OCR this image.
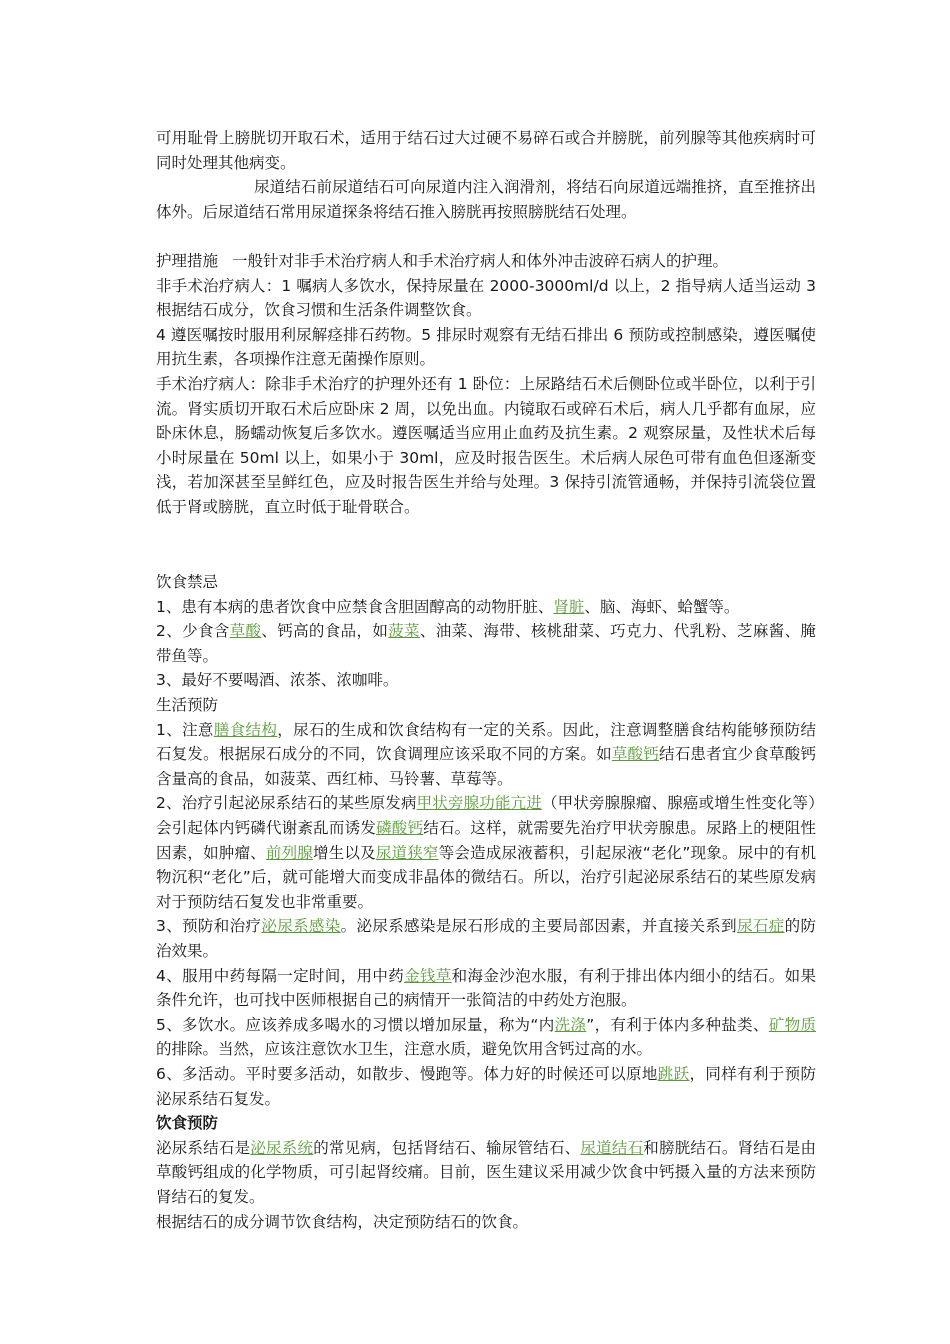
可用耻骨上膀胱切开取石术，适用于结石过大过硬不易碎石或合并膀胱，前列腺等其他疾病时可同时处理其他病变。

尿道结石前尿道结石可向尿道内注入润滑剂，将结石向尿道远端推挤，直至推挤出体外。后尿道结石常用尿道探条将结石推入膀胱再按照膀胱结石处理。

护理措施 一般针对非手术治疗病人和手术治疗病人和体外冲击波碎石病人的护理。

非手术治疗病人：1 嘱病人多饮水，保持尿量在 2000-3000ml/d 以上，2 指导病人适当运动 3 根据结石成分，饮食习惯和生活条件调整饮食。

4 遵医嘱按时服用利尿解痉排石药物。5 排尿时观察有无结石排出 6 预防或控制感染，遵医嘱使用抗生素，各项操作注意无菌操作原则。

手术治疗病人：除非手术治疗的护理外还有 1 卧位：上尿路结石术后侧卧位或半卧位，以利于引流。肾实质切开取石术后应卧床 2 周，以免出血。内镜取石或碎石术后，病人几乎都有血尿，应卧床休息，肠蠕动恢复后多饮水。遵医嘱适当应用止血药及抗生素。2 观察尿量，及性状术后每小时尿量在 50ml 以上，如果小于 30ml，应及时报告医生。术后病人尿色可带有血色但逐渐变浅，若加深甚至呈鲜红色，应及时报告医生并给与处理。3 保持引流管通畅，并保持引流袋位置低于肾或膀胱，直立时低于耻骨联合。

饮食禁忌

1、患有本病的患者饮食中应禁食含胆固醇高的动物肝脏、肾脏、脑、海虾、蛤蟹等。

2、少食含草酸、钙高的食品，如菠菜、油菜、海带、核桃甜菜、巧克力、代乳粉、芝麻酱、腌带鱼等。

3、最好不要喝酒、浓茶、浓咖啡。

生活预防

1、注意膳食结构，尿石的生成和饮食结构有一定的关系。因此，注意调整膳食结构能够预防结石复发。根据尿石成分的不同，饮食调理应该采取不同的方案。如草酸钙结石患者宜少食草酸钙含量高的食品，如菠菜、西红柿、马铃薯、草莓等。

2、治疗引起泌尿系结石的某些原发病甲状旁腺功能亢进（甲状旁腺腺瘤、腺癌或增生性变化等）会引起体内钙磷代谢紊乱而诱发磷酸钙结石。这样，就需要先治疗甲状旁腺患。尿路上的梗阻性因素，如肿瘤、前列腺增生以及尿道狭窄等会造成尿液蓄积，引起尿液“老化”现象。尿中的有机物沉积“老化”后，就可能增大而变成非晶体的微结石。所以，治疗引起泌尿系结石的某些原发病对于预防结石复发也非常重要。

3、预防和治疗泌尿系感染。泌尿系感染是尿石形成的主要局部因素，并直接关系到尿石症的防治效果。

4、服用中药每隔一定时间，用中药金钱草和海金沙泡水服，有利于排出体内细小的结石。如果条件允许，也可找中医师根据自己的病情开一张简洁的中药处方泡服。

5、多饮水。应该养成多喝水的习惯以增加尿量，称为“内洗涤”，有利于体内多种盐类、矿物质的排除。当然，应该注意饮水卫生，注意水质，避免饮用含钙过高的水。

6、多活动。平时要多活动，如散步、慢跑等。体力好的时候还可以原地跳跃，同样有利于预防泌尿系结石复发。

饮食预防

泌尿系结石是泌尿系统的常见病，包括肾结石、输尿管结石、尿道结石和膀胱结石。肾结石是由草酸钙组成的化学物质，可引起肾绞痛。目前，医生建议采用减少饮食中钙摄入量的方法来预防肾结石的复发。

根据结石的成分调节饮食结构，决定预防结石的饮食。
